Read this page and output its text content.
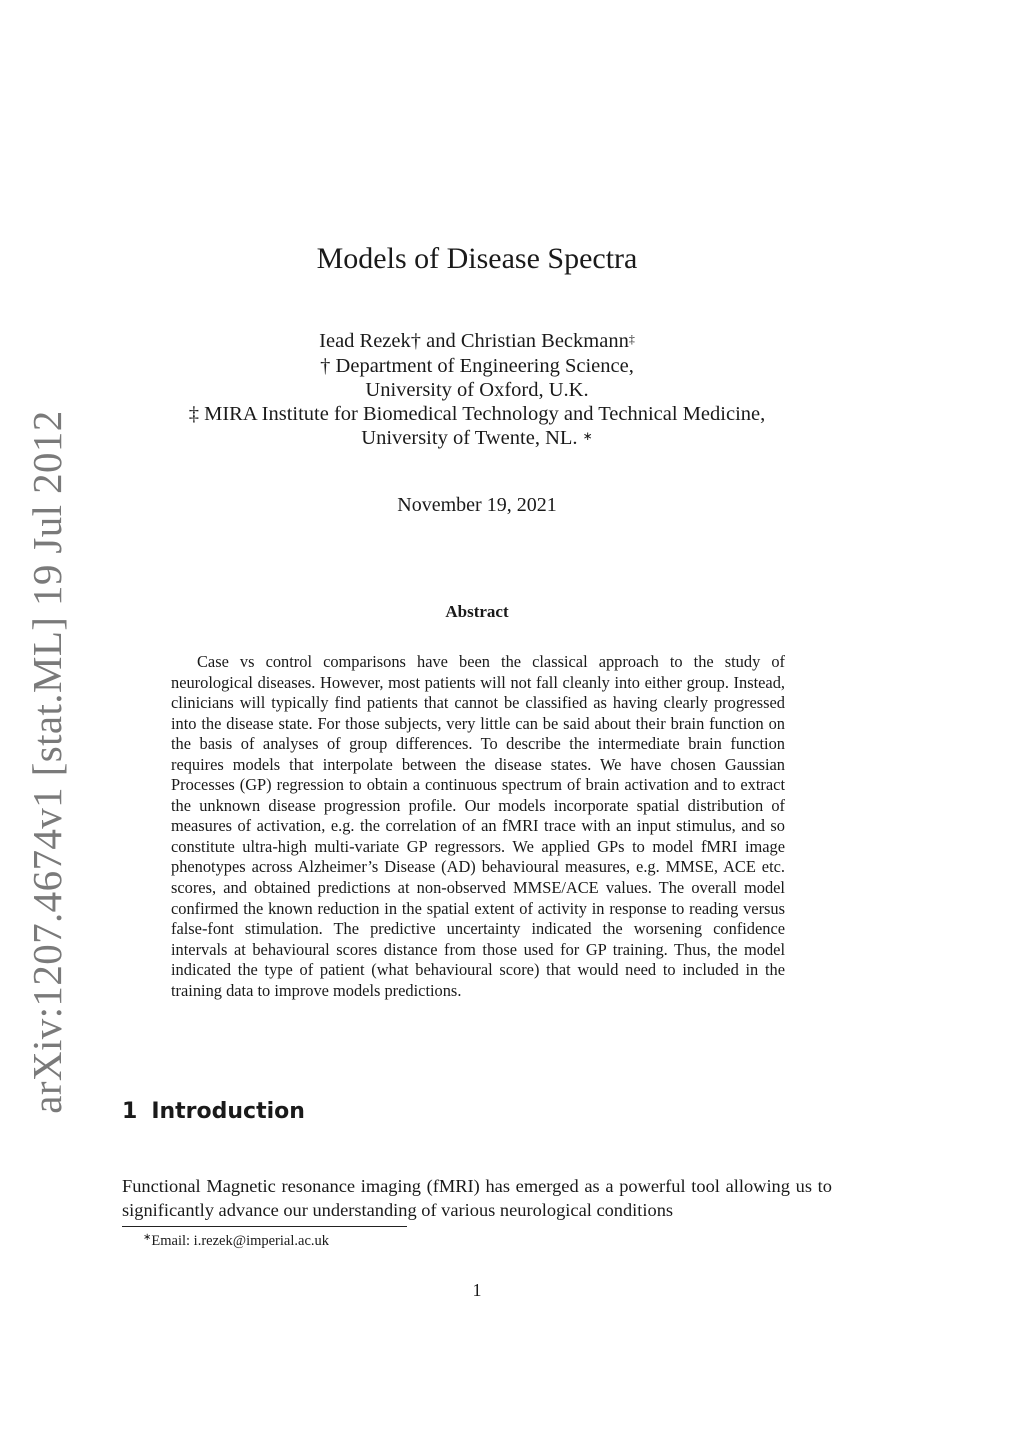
arXiv:1207.4674v1 [stat.ML] 19 Jul 2012
Models of Disease Spectra
Iead Rezek† and Christian Beckmann‡
† Department of Engineering Science,
University of Oxford, U.K.
‡ MIRA Institute for Biomedical Technology and Technical Medicine,
University of Twente, NL. ∗
November 19, 2021
Abstract
Case vs control comparisons have been the classical approach to the study of neurological diseases. However, most patients will not fall cleanly into either group. Instead, clinicians will typically find patients that cannot be classified as having clearly progressed into the disease state. For those subjects, very little can be said about their brain function on the basis of analyses of group differences. To describe the intermediate brain function requires models that interpolate between the disease states. We have chosen Gaussian Processes (GP) regression to obtain a continuous spectrum of brain activation and to extract the unknown disease progression profile. Our models incorporate spatial distribution of measures of activation, e.g. the correlation of an fMRI trace with an input stimulus, and so constitute ultra-high multi-variate GP regressors. We applied GPs to model fMRI image phenotypes across Alzheimer’s Disease (AD) behavioural measures, e.g. MMSE, ACE etc. scores, and obtained predictions at non-observed MMSE/ACE values. The overall model confirmed the known reduction in the spatial extent of activity in response to reading versus false-font stimulation. The predictive uncertainty indicated the worsening confidence intervals at behavioural scores distance from those used for GP training. Thus, the model indicated the type of patient (what behavioural score) that would need to included in the training data to improve models predictions.
1 Introduction
Functional Magnetic resonance imaging (fMRI) has emerged as a powerful tool allowing us to significantly advance our understanding of various neurological conditions
∗Email: i.rezek@imperial.ac.uk
1
